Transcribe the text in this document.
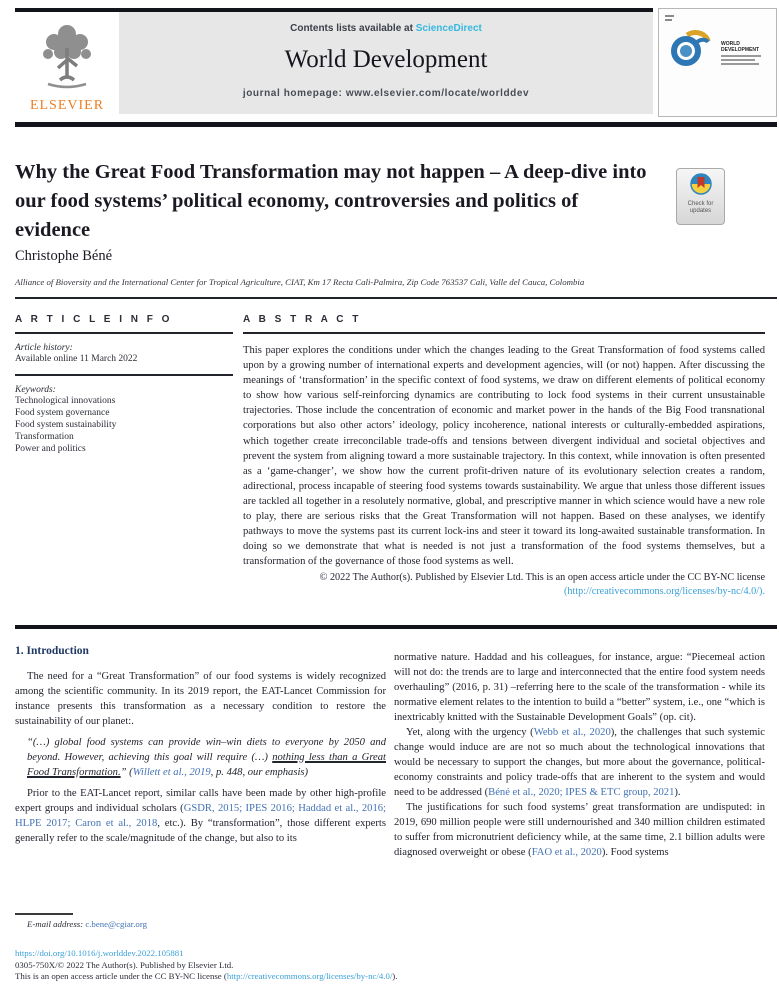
ELSEVIER
Contents lists available at ScienceDirect
World Development
journal homepage: www.elsevier.com/locate/worlddev
WORLD DEVELOPMENT
Why the Great Food Transformation may not happen – A deep-dive into our food systems’ political economy, controversies and politics of evidence
Check for
updates
Christophe Béné
Alliance of Bioversity and the International Center for Tropical Agriculture, CIAT, Km 17 Recta Cali-Palmira, Zip Code 763537 Cali, Valle del Cauca, Colombia
A R T I C L E I N F O
Article history:
Available online 11 March 2022
Keywords:
Technological innovations
Food system governance
Food system sustainability
Transformation
Power and politics
A B S T R A C T
This paper explores the conditions under which the changes leading to the Great Transformation of food systems called upon by a growing number of international experts and development agencies, will (or not) happen. After discussing the meanings of ‘transformation’ in the specific context of food systems, we draw on different elements of political economy to show how various self-reinforcing dynamics are contributing to lock food systems in their current unsustainable trajectories. Those include the concentration of economic and market power in the hands of the Big Food transnational corporations but also other actors’ ideology, policy incoherence, national interests or culturally-embedded aspirations, which together create irreconcilable trade-offs and tensions between divergent individual and societal objectives and prevent the system from aligning toward a more sustainable trajectory. In this context, while innovation is often presented as a ‘game-changer’, we show how the current profit-driven nature of its evolutionary selection creates a random, adirectional, process incapable of steering food systems towards sustainability. We argue that unless those different issues are tackled all together in a resolutely normative, global, and prescriptive manner in which science would have a new role to play, there are serious risks that the Great Transformation will not happen. Based on these analyses, we identify pathways to move the systems past its current lock-ins and steer it toward its long-awaited sustainable transformation. In doing so we demonstrate that what is needed is not just a transformation of the food systems themselves, but a transformation of the governance of those food systems as well.
© 2022 The Author(s). Published by Elsevier Ltd. This is an open access article under the CC BY-NC license
(http://creativecommons.org/licenses/by-nc/4.0/).
1. Introduction
The need for a “Great Transformation” of our food systems is widely recognized among the scientific community. In its 2019 report, the EAT-Lancet Commission for instance presents this transformation as a necessary condition to restore the sustainability of our planet:.
“(…) global food systems can provide win–win diets to everyone by 2050 and beyond. However, achieving this goal will require (…) nothing less than a Great Food Transformation.” (Willett et al., 2019, p. 448, our emphasis)
Prior to the EAT-Lancet report, similar calls have been made by other high-profile expert groups and individual scholars (GSDR, 2015; IPES 2016; Haddad et al., 2016; HLPE 2017; Caron et al., 2018, etc.). By “transformation”, those different experts generally refer to the scale/magnitude of the change, but also to its
normative nature. Haddad and his colleagues, for instance, argue: “Piecemeal action will not do: the trends are to large and interconnected that the entire food system needs overhauling” (2016, p. 31) –referring here to the scale of the transformation - while its normative element relates to the intention to build a “better” system, i.e., one “which is inextricably knitted with the Sustainable Development Goals” (op. cit).
Yet, along with the urgency (Webb et al., 2020), the challenges that such systemic change would induce are are not so much about the technological innovations that would be necessary to support the changes, but more about the governance, political-economy constraints and policy trade-offs that are inherent to the system and would need to be addressed (Béné et al., 2020; IPES & ETC group, 2021).
The justifications for such food systems’ great transformation are undisputed: in 2019, 690 million people were still undernourished and 340 million children estimated to suffer from micronutrient deficiency while, at the same time, 2.1 billion adults were diagnosed overweight or obese (FAO et al., 2020). Food systems
E-mail address: c.bene@cgiar.org
https://doi.org/10.1016/j.worlddev.2022.105881
0305-750X/© 2022 The Author(s). Published by Elsevier Ltd.
This is an open access article under the CC BY-NC license (http://creativecommons.org/licenses/by-nc/4.0/).
